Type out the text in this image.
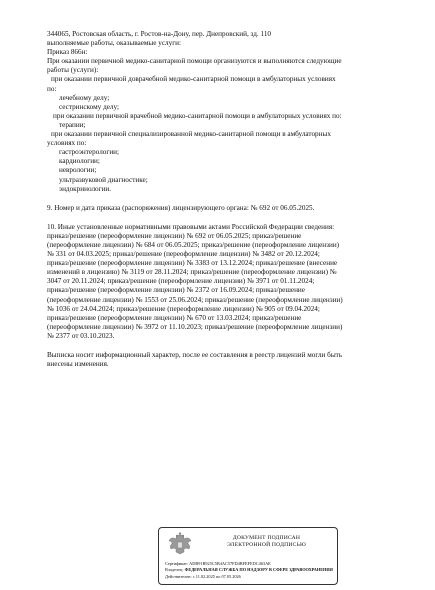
344065, Ростовская область, г. Ростов-на-Дону, пер. Днепровский, зд. 110
выполняемые работы, оказываемые услуги:
Приказ 866н:
При оказании первичной медико-санитарной помощи организуются и выполняются следующие
работы (услуги):
при оказании первичной доврачебной медико-санитарной помощи в амбулаторных условиях
по:
лечебному делу;
сестринскому делу;
при оказании первичной врачебной медико-санитарной помощи в амбулаторных условиях по:
терапии;
при оказании первичной специализированной медико-санитарной помощи в амбулаторных
условиях по:
гастроэнтерологии;
кардиологии;
неврологии;
ультразвуковой диагностике;
эндокринологии.
9. Номер и дата приказа (распоряжения) лицензирующего органа: № 692 от 06.05.2025.
10. Иные установленные нормативными правовыми актами Российской Федерации сведения:
приказ/решение (переоформление лицензии) № 692 от 06.05.2025; приказ/решение
(переоформление лицензии) № 684 от 06.05.2025; приказ/решение (переоформление лицензии)
№ 331 от 04.03.2025; приказ/решение (переоформление лицензии) № 3482 от 20.12.2024;
приказ/решение (переоформление лицензии) № 3383 от 13.12.2024; приказ/решение (внесение
изменений в лицензию) № 3119 от 28.11.2024; приказ/решение (переоформление лицензии) №
3047 от 20.11.2024; приказ/решение (переоформление лицензии) № 3971 от 01.11.2024;
приказ/решение (переоформление лицензии) № 2372 от 16.09.2024; приказ/решение
(переоформление лицензии) № 1553 от 25.06.2024; приказ/решение (переоформление лицензии)
№ 1036 от 24.04.2024; приказ/решение (переоформление лицензии) № 905 от 09.04.2024;
приказ/решение (переоформление лицензии) № 670 от 13.03.2024; приказ/решение
(переоформление лицензии) № 3972 от 11.10.2023; приказ/решение (переоформление лицензии)
№ 2377 от 03.10.2023.
Выписка носит информационный характер, после ее составления в реестр лицензий могли быть
внесены изменения.
ДОКУМЕНТ ПОДПИСАН
ЭЛЕКТРОННОЙ ПОДПИСЬЮ
Сертификат: ADB91B925C5B4AC57FD4BFEFEDC463AE
Владелец: ФЕДЕРАЛЬНАЯ СЛУЖБА ПО НАДЗОРУ В СФЕРЕ ЗДРАВООХРАНЕНИЯ
Действителен: с 11.02.2025 по 07.05.2026
